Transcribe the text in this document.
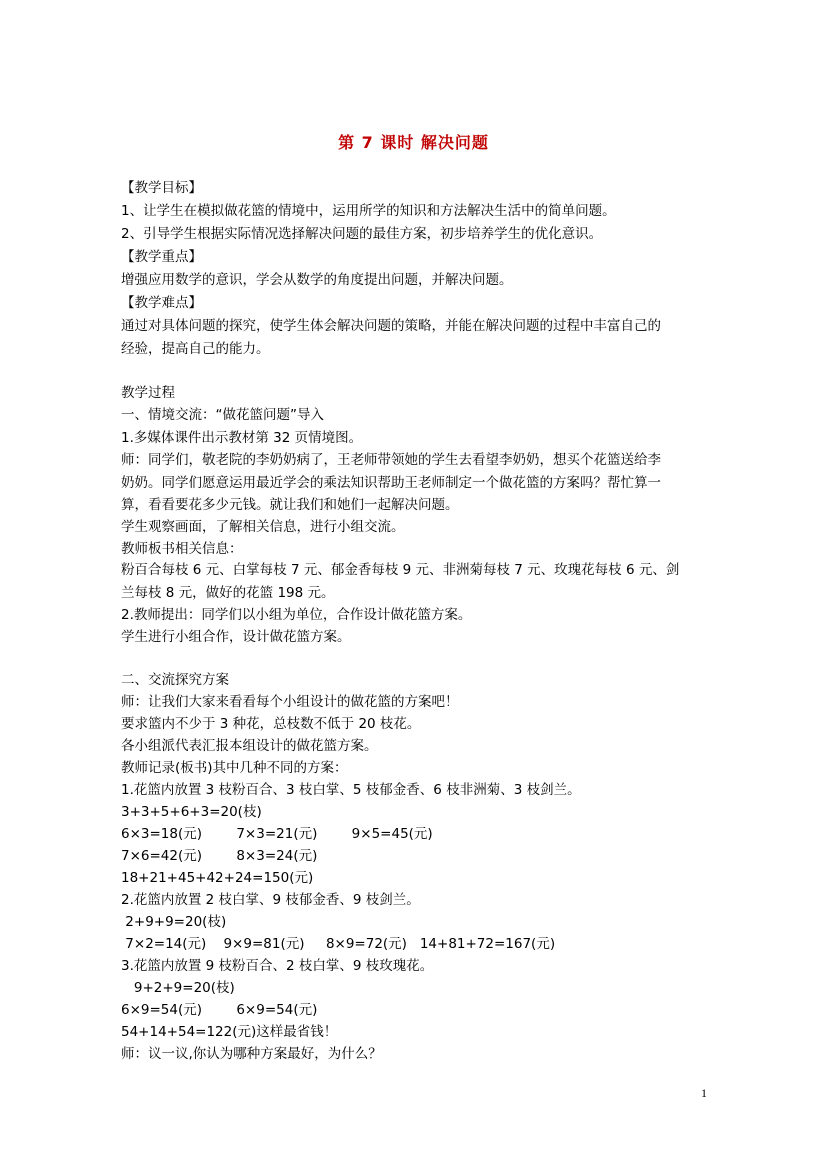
第 7 课时 解决问题
【教学目标】
1、让学生在模拟做花篮的情境中，运用所学的知识和方法解决生活中的简单问题。
2、引导学生根据实际情况选择解决问题的最佳方案，初步培养学生的优化意识。
【教学重点】
增强应用数学的意识，学会从数学的角度提出问题，并解决问题。
【教学难点】
通过对具体问题的探究，使学生体会解决问题的策略，并能在解决问题的过程中丰富自己的
经验，提高自己的能力。
教学过程
一、情境交流：“做花篮问题”导入
1.多媒体课件出示教材第 32 页情境图。
师：同学们，敬老院的李奶奶病了，王老师带领她的学生去看望李奶奶，想买个花篮送给李
奶奶。同学们愿意运用最近学会的乘法知识帮助王老师制定一个做花篮的方案吗？帮忙算一
算，看看要花多少元钱。就让我们和她们一起解决问题。
学生观察画面，了解相关信息，进行小组交流。
教师板书相关信息：
粉百合每枝 6 元、白掌每枝 7 元、郁金香每枝 9 元、非洲菊每枝 7 元、玫瑰花每枝 6 元、剑
兰每枝 8 元，做好的花篮 198 元。
2.教师提出：同学们以小组为单位，合作设计做花篮方案。
学生进行小组合作，设计做花篮方案。
二、交流探究方案
师：让我们大家来看看每个小组设计的做花篮的方案吧！
要求篮内不少于 3 种花，总枝数不低于 20 枝花。
各小组派代表汇报本组设计的做花篮方案。
教师记录(板书)其中几种不同的方案：
1.花篮内放置 3 枝粉百合、3 枝白掌、5 枝郁金香、6 枝非洲菊、3 枝剑兰。
3+3+5+6+3=20(枝)
6×3=18(元)        7×3=21(元)        9×5=45(元)
7×6=42(元)        8×3=24(元)
18+21+45+42+24=150(元)
2.花篮内放置 2 枝白掌、9 枝郁金香、9 枝剑兰。
2+9+9=20(枝)
7×2=14(元)    9×9=81(元)     8×9=72(元)   14+81+72=167(元)
3.花篮内放置 9 枝粉百合、2 枝白掌、9 枝玫瑰花。
9+2+9=20(枝)
6×9=54(元)        6×9=54(元)
54+14+54=122(元)这样最省钱！
师：议一议,你认为哪种方案最好，为什么？
1
